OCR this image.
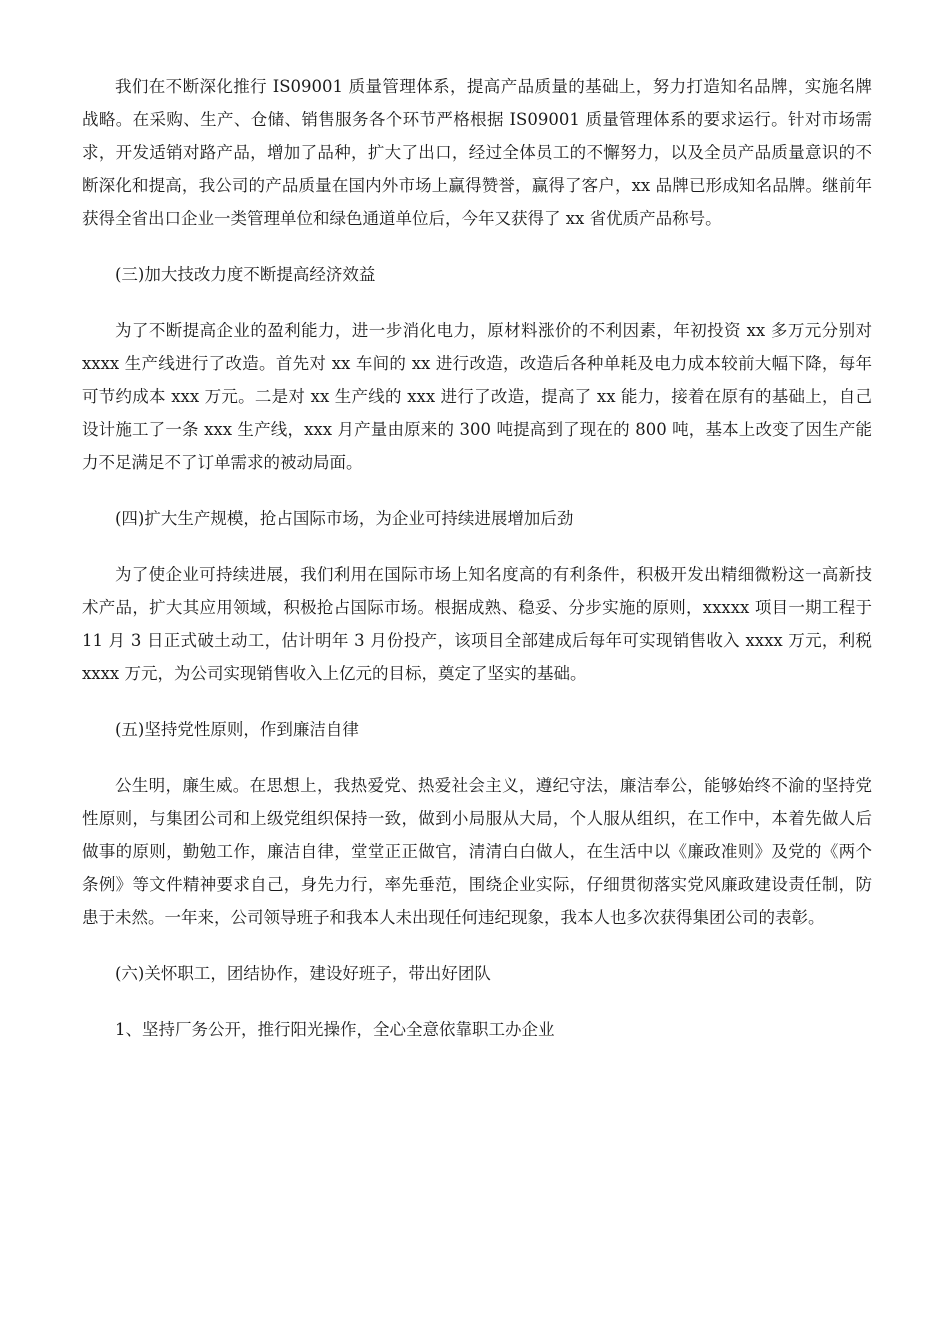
我们在不断深化推行 IS09001 质量管理体系，提高产品质量的基础上，努力打造知名品牌，实施名牌战略。在采购、生产、仓储、销售服务各个环节严格根据 IS09001 质量管理体系的要求运行。针对市场需求，开发适销对路产品，增加了品种，扩大了出口，经过全体员工的不懈努力，以及全员产品质量意识的不断深化和提高，我公司的产品质量在国内外市场上赢得赞誉，赢得了客户，xx 品牌已形成知名品牌。继前年获得全省出口企业一类管理单位和绿色通道单位后，今年又获得了 xx 省优质产品称号。

(三)加大技改力度不断提高经济效益

为了不断提高企业的盈利能力，进一步消化电力，原材料涨价的不利因素，年初投资 xx 多万元分别对 xxxx 生产线进行了改造。首先对 xx 车间的 xx 进行改造，改造后各种单耗及电力成本较前大幅下降，每年可节约成本 xxx 万元。二是对 xx 生产线的 xxx 进行了改造，提高了 xx 能力，接着在原有的基础上，自己设计施工了一条 xxx 生产线，xxx 月产量由原来的 300 吨提高到了现在的 800 吨，基本上改变了因生产能力不足满足不了订单需求的被动局面。

(四)扩大生产规模，抢占国际市场，为企业可持续进展增加后劲

为了使企业可持续进展，我们利用在国际市场上知名度高的有利条件，积极开发出精细微粉这一高新技术产品，扩大其应用领域，积极抢占国际市场。根据成熟、稳妥、分步实施的原则，xxxxx 项目一期工程于 11 月 3 日正式破土动工，估计明年 3 月份投产，该项目全部建成后每年可实现销售收入 xxxx 万元，利税 xxxx 万元，为公司实现销售收入上亿元的目标，奠定了坚实的基础。

(五)坚持党性原则，作到廉洁自律

公生明，廉生威。在思想上，我热爱党、热爱社会主义，遵纪守法，廉洁奉公，能够始终不渝的坚持党性原则，与集团公司和上级党组织保持一致，做到小局服从大局，个人服从组织，在工作中，本着先做人后做事的原则，勤勉工作，廉洁自律，堂堂正正做官，清清白白做人，在生活中以《廉政准则》及党的《两个条例》等文件精神要求自己，身先力行，率先垂范，围绕企业实际，仔细贯彻落实党风廉政建设责任制，防患于未然。一年来，公司领导班子和我本人未出现任何违纪现象，我本人也多次获得集团公司的表彰。

(六)关怀职工，团结协作，建设好班子，带出好团队

1、坚持厂务公开，推行阳光操作，全心全意依靠职工办企业
